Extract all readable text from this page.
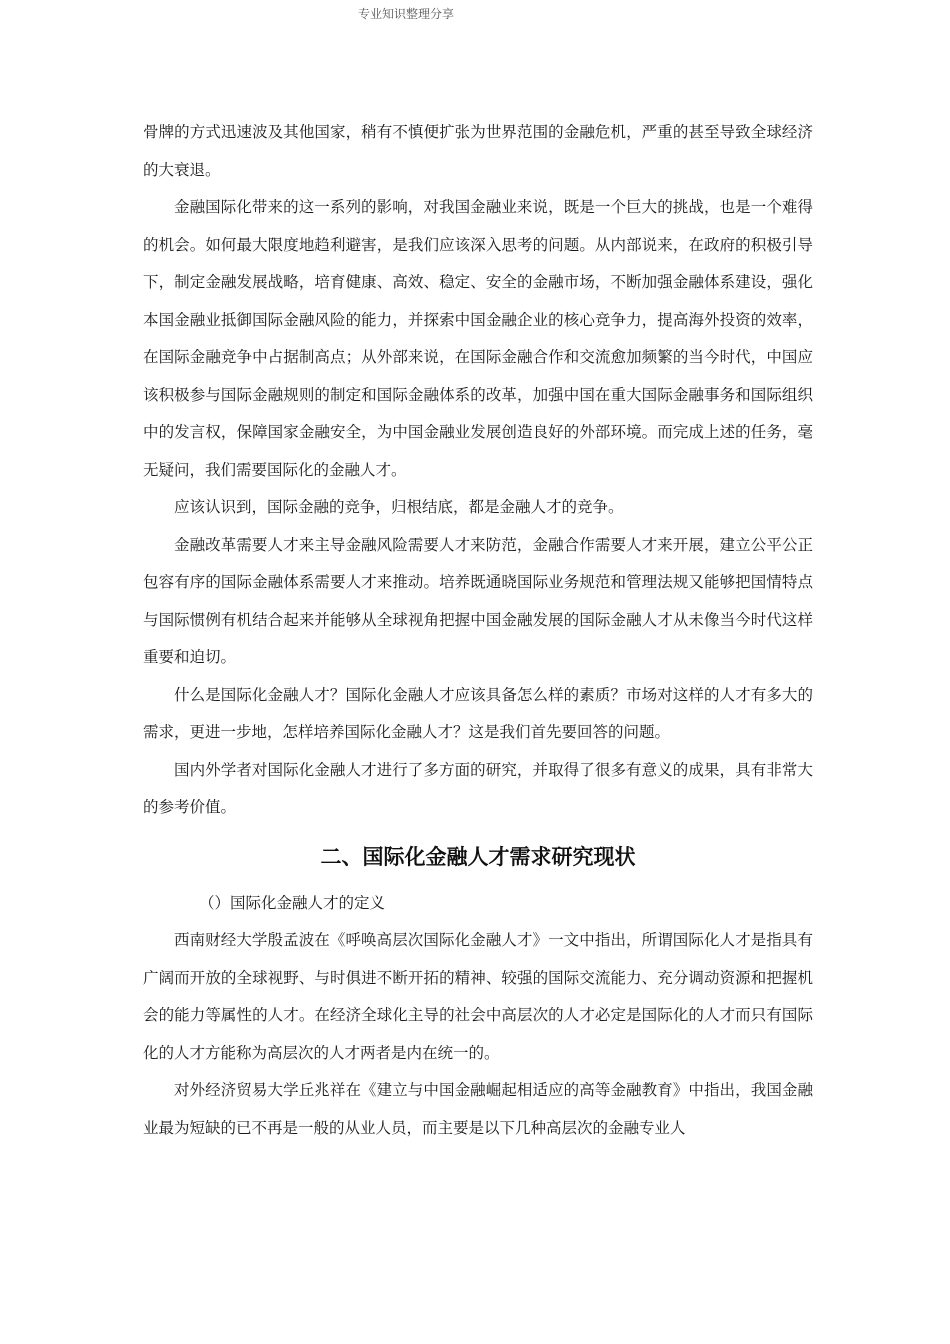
专业知识整理分享

骨牌的方式迅速波及其他国家，稍有不慎便扩张为世界范围的金融危机，严重的甚至导致全球经济的大衰退。

金融国际化带来的这一系列的影响，对我国金融业来说，既是一个巨大的挑战，也是一个难得的机会。如何最大限度地趋利避害，是我们应该深入思考的问题。从内部说来，在政府的积极引导下，制定金融发展战略，培育健康、高效、稳定、安全的金融市场，不断加强金融体系建设，强化本国金融业抵御国际金融风险的能力，并探索中国金融企业的核心竞争力，提高海外投资的效率，在国际金融竞争中占据制高点；从外部来说，在国际金融合作和交流愈加频繁的当今时代，中国应该积极参与国际金融规则的制定和国际金融体系的改革，加强中国在重大国际金融事务和国际组织中的发言权，保障国家金融安全，为中国金融业发展创造良好的外部环境。而完成上述的任务，毫无疑问，我们需要国际化的金融人才。

应该认识到，国际金融的竞争，归根结底，都是金融人才的竞争。

金融改革需要人才来主导金融风险需要人才来防范，金融合作需要人才来开展，建立公平公正包容有序的国际金融体系需要人才来推动。培养既通晓国际业务规范和管理法规又能够把国情特点与国际惯例有机结合起来并能够从全球视角把握中国金融发展的国际金融人才从未像当今时代这样重要和迫切。

什么是国际化金融人才？国际化金融人才应该具备怎么样的素质？市场对这样的人才有多大的需求，更进一步地，怎样培养国际化金融人才？这是我们首先要回答的问题。

国内外学者对国际化金融人才进行了多方面的研究，并取得了很多有意义的成果，具有非常大的参考价值。

二、国际化金融人才需求研究现状

（）国际化金融人才的定义

西南财经大学殷孟波在《呼唤高层次国际化金融人才》一文中指出，所谓国际化人才是指具有广阔而开放的全球视野、与时俱进不断开拓的精神、较强的国际交流能力、充分调动资源和把握机会的能力等属性的人才。在经济全球化主导的社会中高层次的人才必定是国际化的人才而只有国际化的人才方能称为高层次的人才两者是内在统一的。

对外经济贸易大学丘兆祥在《建立与中国金融崛起相适应的高等金融教育》中指出，我国金融业最为短缺的已不再是一般的从业人员，而主要是以下几种高层次的金融专业人
